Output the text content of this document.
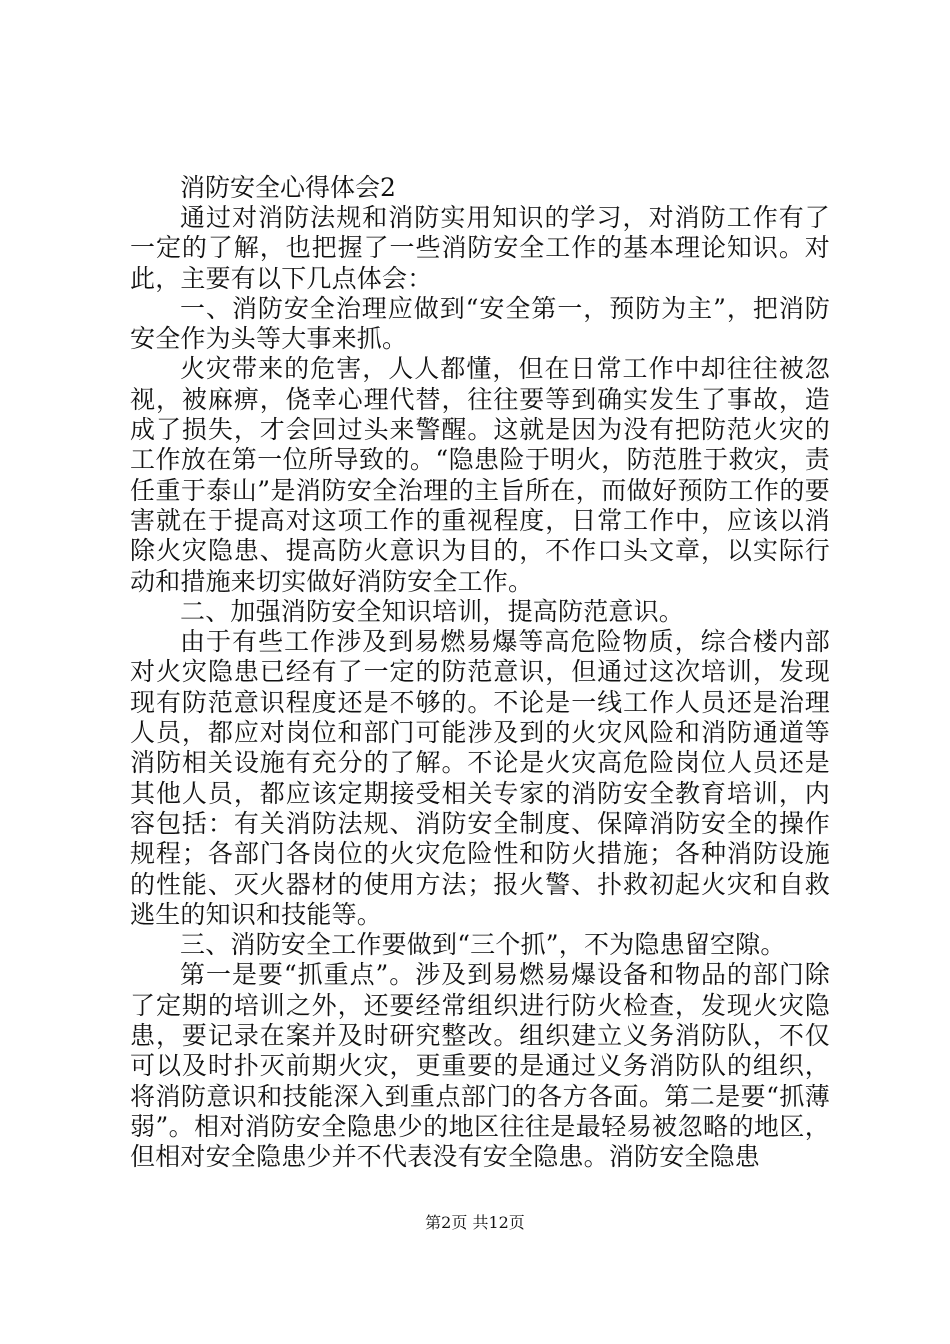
消防安全心得体会2

通过对消防法规和消防实用知识的学习，对消防工作有了一定的了解，也把握了一些消防安全工作的基本理论知识。对此，主要有以下几点体会：

一、消防安全治理应做到“安全第一，预防为主”，把消防安全作为头等大事来抓。

火灾带来的危害，人人都懂，但在日常工作中却往往被忽视，被麻痹，侥幸心理代替，往往要等到确实发生了事故，造成了损失，才会回过头来警醒。这就是因为没有把防范火灾的工作放在第一位所导致的。“隐患险于明火，防范胜于救灾，责任重于泰山”是消防安全治理的主旨所在，而做好预防工作的要害就在于提高对这项工作的重视程度，日常工作中，应该以消除火灾隐患、提高防火意识为目的，不作口头文章，以实际行动和措施来切实做好消防安全工作。

二、加强消防安全知识培训，提高防范意识。

由于有些工作涉及到易燃易爆等高危险物质，综合楼内部对火灾隐患已经有了一定的防范意识，但通过这次培训，发现现有防范意识程度还是不够的。不论是一线工作人员还是治理人员，都应对岗位和部门可能涉及到的火灾风险和消防通道等消防相关设施有充分的了解。不论是火灾高危险岗位人员还是其他人员，都应该定期接受相关专家的消防安全教育培训，内容包括：有关消防法规、消防安全制度、保障消防安全的操作规程；各部门各岗位的火灾危险性和防火措施；各种消防设施的性能、灭火器材的使用方法；报火警、扑救初起火灾和自救逃生的知识和技能等。

三、消防安全工作要做到“三个抓”，不为隐患留空隙。

第一是要“抓重点”。涉及到易燃易爆设备和物品的部门除了定期的培训之外，还要经常组织进行防火检查，发现火灾隐患，要记录在案并及时研究整改。组织建立义务消防队，不仅可以及时扑灭前期火灾，更重要的是通过义务消防队的组织，将消防意识和技能深入到重点部门的各方各面。第二是要“抓薄弱”。相对消防安全隐患少的地区往往是最轻易被忽略的地区，但相对安全隐患少并不代表没有安全隐患。消防安全隐患

第2页 共12页
